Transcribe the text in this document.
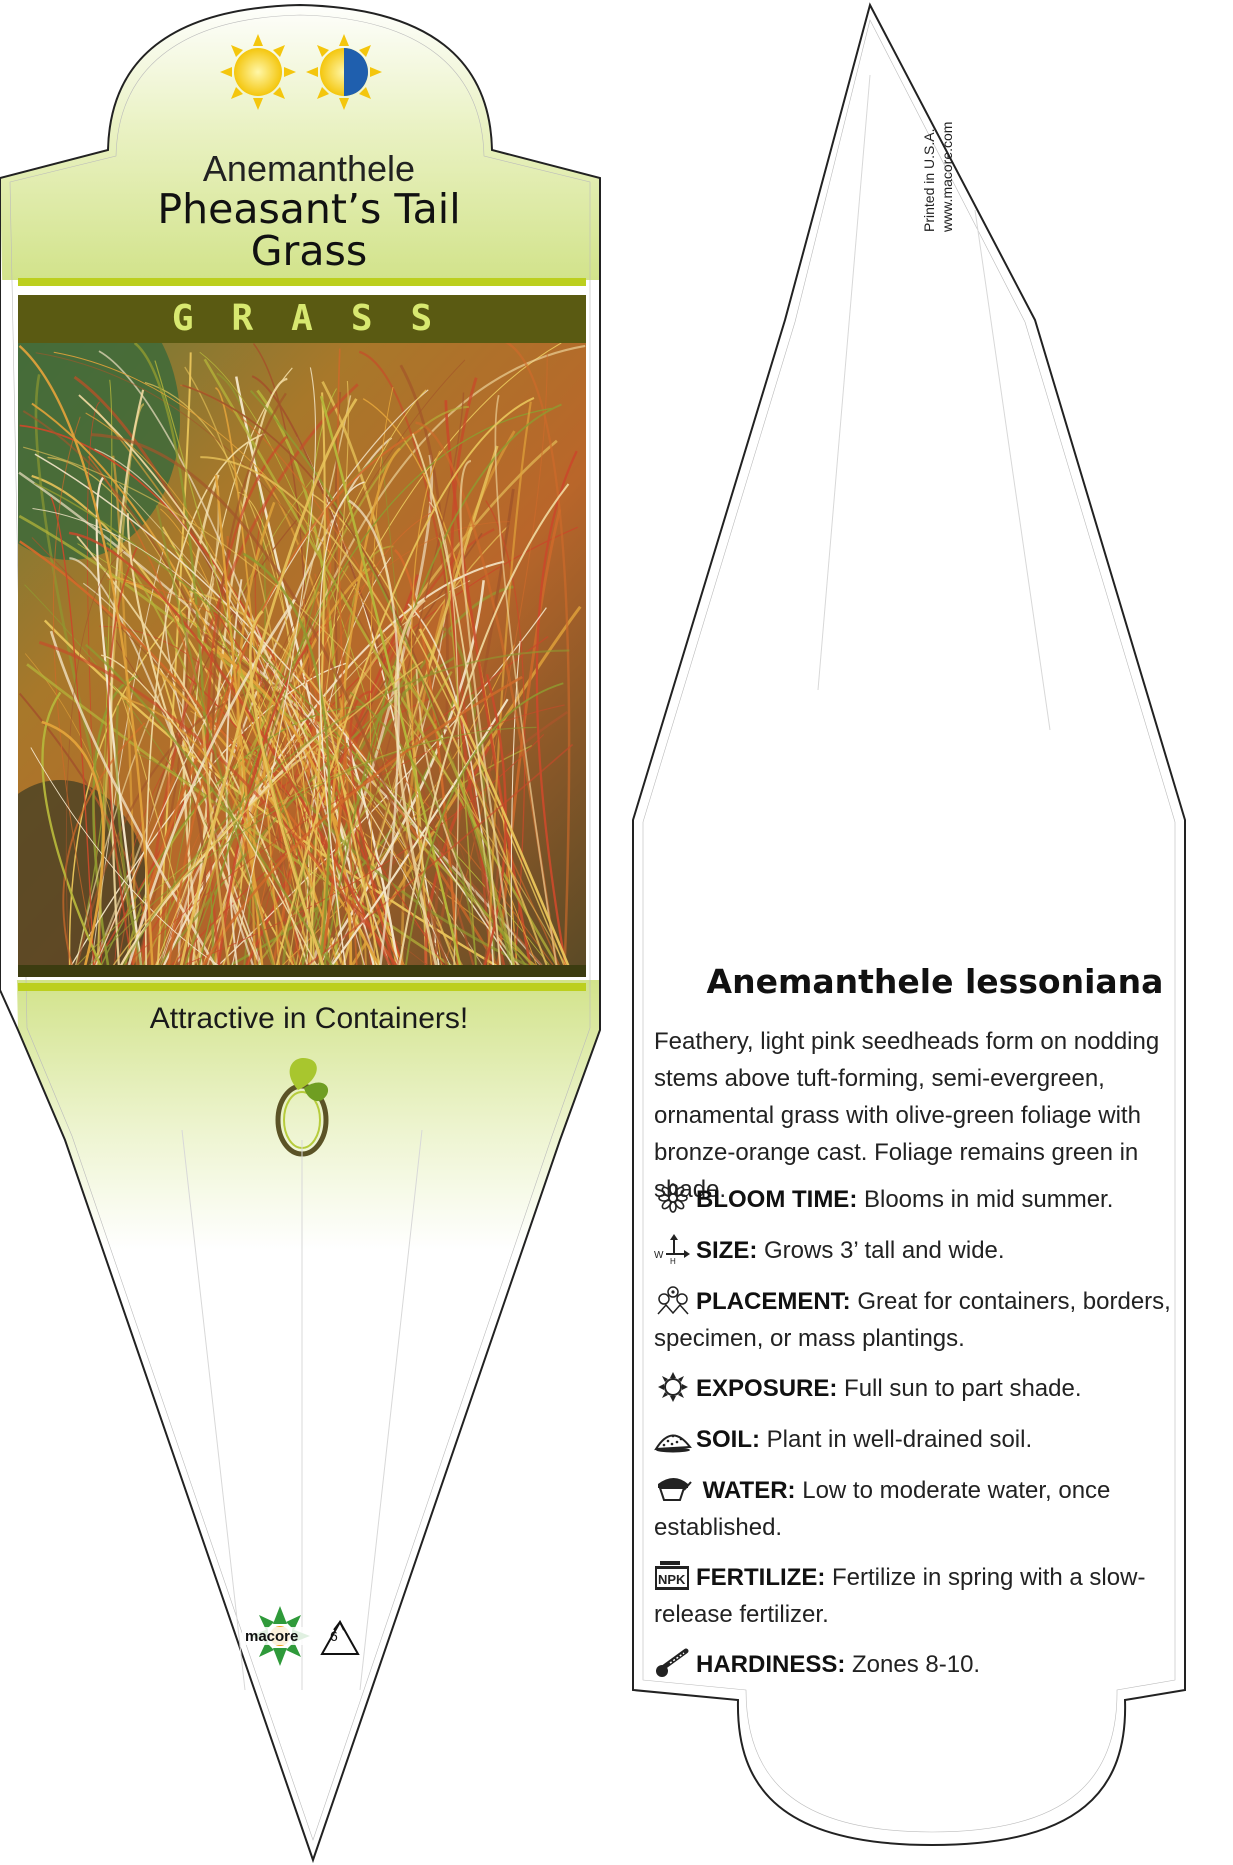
Anemanthele
Pheasant’s Tail
Grass
GRASS
Attractive in Containers!
macore 6
Printed in U.S.A. www.macore.com
Anemanthele lessoniana
Feathery, light pink seedheads form on nodding stems above tuft-forming, semi-evergreen, ornamental grass with olive-green foliage with bronze-orange cast. Foliage remains green in shade.
BLOOM TIME: Blooms in mid summer.
W
H SIZE: Grows 3’ tall and wide.
PLACEMENT: Great for containers, borders, specimen, or mass plantings.
EXPOSURE: Full sun to part shade.
SOIL: Plant in well-drained soil.
WATER: Low to moderate water, once established.
NPK FERTILIZE: Fertilize in spring with a slow-release fertilizer.
HARDINESS: Zones 8-10.
